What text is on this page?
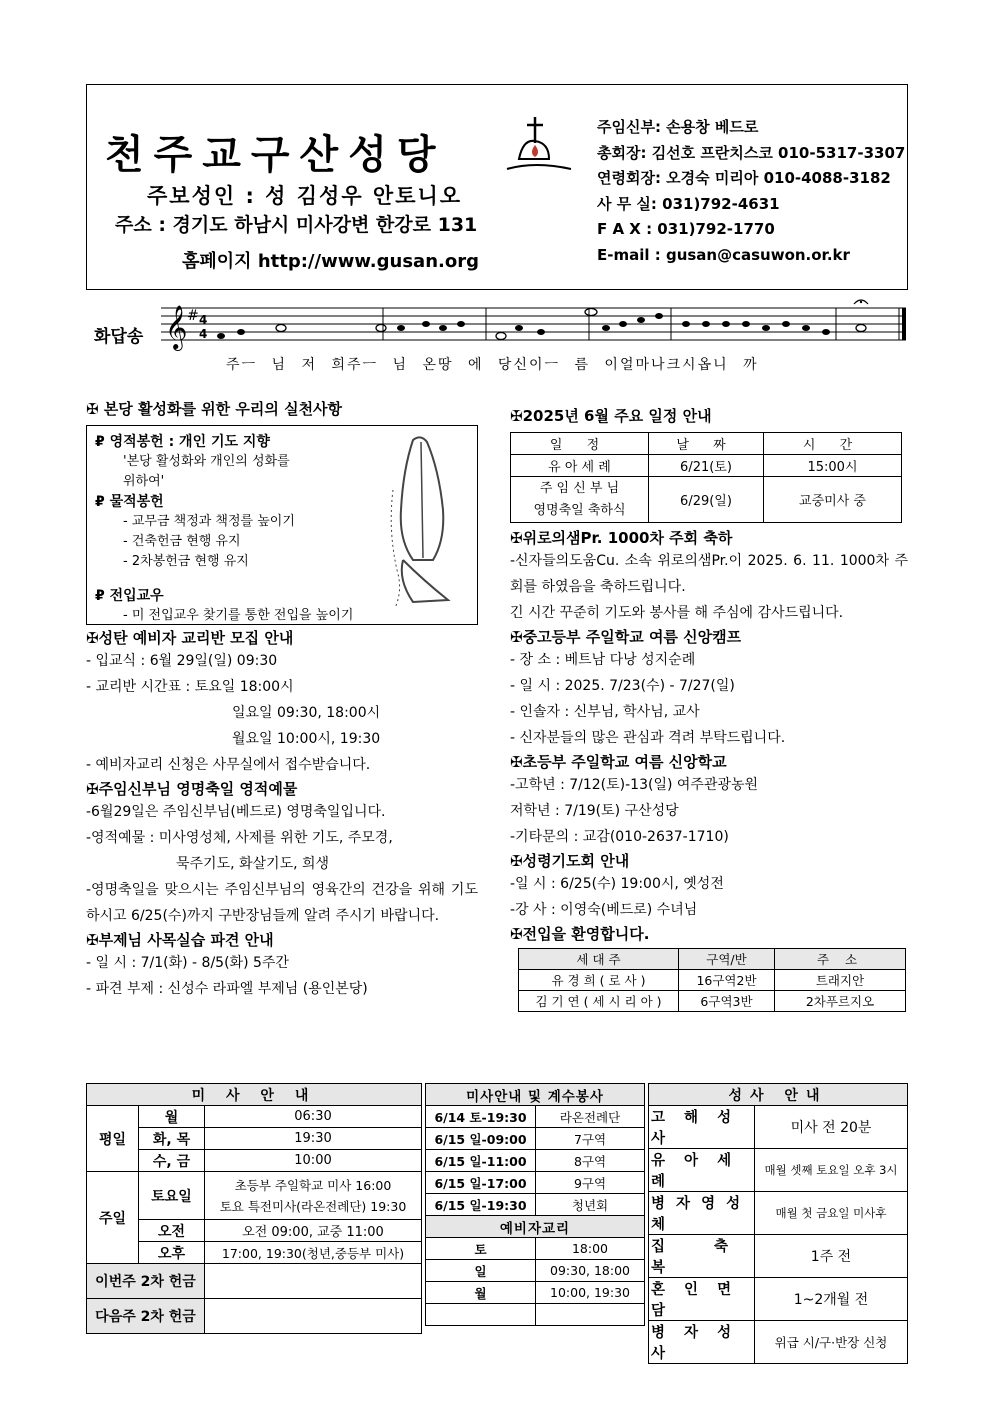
천주교구산성당
주보성인 : 성 김성우 안토니오
주소 : 경기도 하남시 미사강변 한강로 131
홈페이지 http://www.gusan.org
주임신부: 손용창 베드로
총회장: 김선호 프란치스코 010-5317-3307
연령회장: 오경숙 미리아 010-4088-3182
사 무 실: 031)792-4631
F A X : 031)792-1770
E-mail : gusan@casuwon.or.kr
화답송 𝄞 # 4
4
주ㅡ 님 저 희주ㅡ 님 온땅 에 당신이ㅡ 름 이얼마나크시옵니 까
✠ 본당 활성화를 위한 우리의 실천사항
₽ 영적봉헌 : 개인 기도 지향
'본당 활성화와 개인의 성화를
위하여'
₽ 물적봉헌
- 교무금 책정과 책정를 높이기
- 건축헌금 현행 유지
- 2차봉헌금 현행 유지
₽ 전입교우
- 미 전입교우 찾기를 통한 전입을 높이기
✠성탄 예비자 교리반 모집 안내
- 입교식 : 6월 29일(일) 09:30
- 교리반 시간표 : 토요일 18:00시
일요일 09:30, 18:00시
월요일 10:00시, 19:30
- 예비자교리 신청은 사무실에서 접수받습니다.
✠주임신부님 영명축일 영적예물
-6월29일은 주임신부님(베드로) 영명축일입니다.
-영적예물 : 미사영성체, 사제를 위한 기도, 주모경,
묵주기도, 화살기도, 희생
-영명축일을 맞으시는 주임신부님의 영육간의 건강을 위해 기도하시고 6/25(수)까지 구반장님들께 알려 주시기 바랍니다.
✠부제님 사목실습 파견 안내
- 일 시 : 7/1(화) - 8/5(화) 5주간
- 파견 부제 : 신성수 라파엘 부제님 (용인본당)
✠2025년 6월 주요 일정 안내
일 정	날 짜	시 간
유 아 세 례	6/21(토)	15:00시

주 임 신 부 님
영명축일 축하식	6/29(일)	교중미사 중
✠위로의샘Pr. 1000차 주회 축하
-신자들의도움Cu. 소속 위로의샘Pr.이 2025. 6. 11. 1000차 주회를 하였음을 축하드립니다.
긴 시간 꾸준히 기도와 봉사를 해 주심에 감사드립니다.
✠중고등부 주일학교 여름 신앙캠프
- 장 소 : 베트남 다낭 성지순례
- 일 시 : 2025. 7/23(수) - 7/27(일)
- 인솔자 : 신부님, 학사님, 교사
- 신자분들의 많은 관심과 격려 부탁드립니다.
✠초등부 주일학교 여름 신앙학교
-고학년 : 7/12(토)-13(일) 여주관광농원
저학년 : 7/19(토) 구산성당
-기타문의 : 교감(010-2637-1710)
✠성령기도회 안내
-일 시 : 6/25(수) 19:00시, 옛성전
-강 사 : 이영숙(베드로) 수녀님
✠전입을 환영합니다.
세 대 주	구역/반	주 소
유 경 희 ( 로 사 )	16구역2반	트래지안
김 기 연 ( 세 시 리 아 )	6구역3반	2차푸르지오
미 사 안 내		
평일	월	06:30
	화, 목	19:30
	수, 금	10:00
주일	토요일	초등부 주일학교 미사 16:00
토요 특전미사(라온전례단) 19:30

	오전	오전 09:00, 교중 11:00
	오후	17:00, 19:30(청년,중등부 미사)
이번주 2차 헌금		
다음주 2차 헌금		
미사안내 및 계수봉사	
6/14 토-19:30	라온전례단
6/15 일-09:00	7구역
6/15 일-11:00	8구역
6/15 일-17:00	9구역
6/15 일-19:30	청년회
예비자교리	
토	18:00
일	09:30, 18:00
월	10:00, 19:30

성사 안내	
고 해 성 사	미사 전 20분
유 아 세 례	매월 셋째 토요일 오후 3시
병 자 영 성 체	매월 첫 금요일 미사후
집 축 복	1주 전
혼 인 면 담	1~2개월 전
병 자 성 사	위급 시/구·반장 신청
